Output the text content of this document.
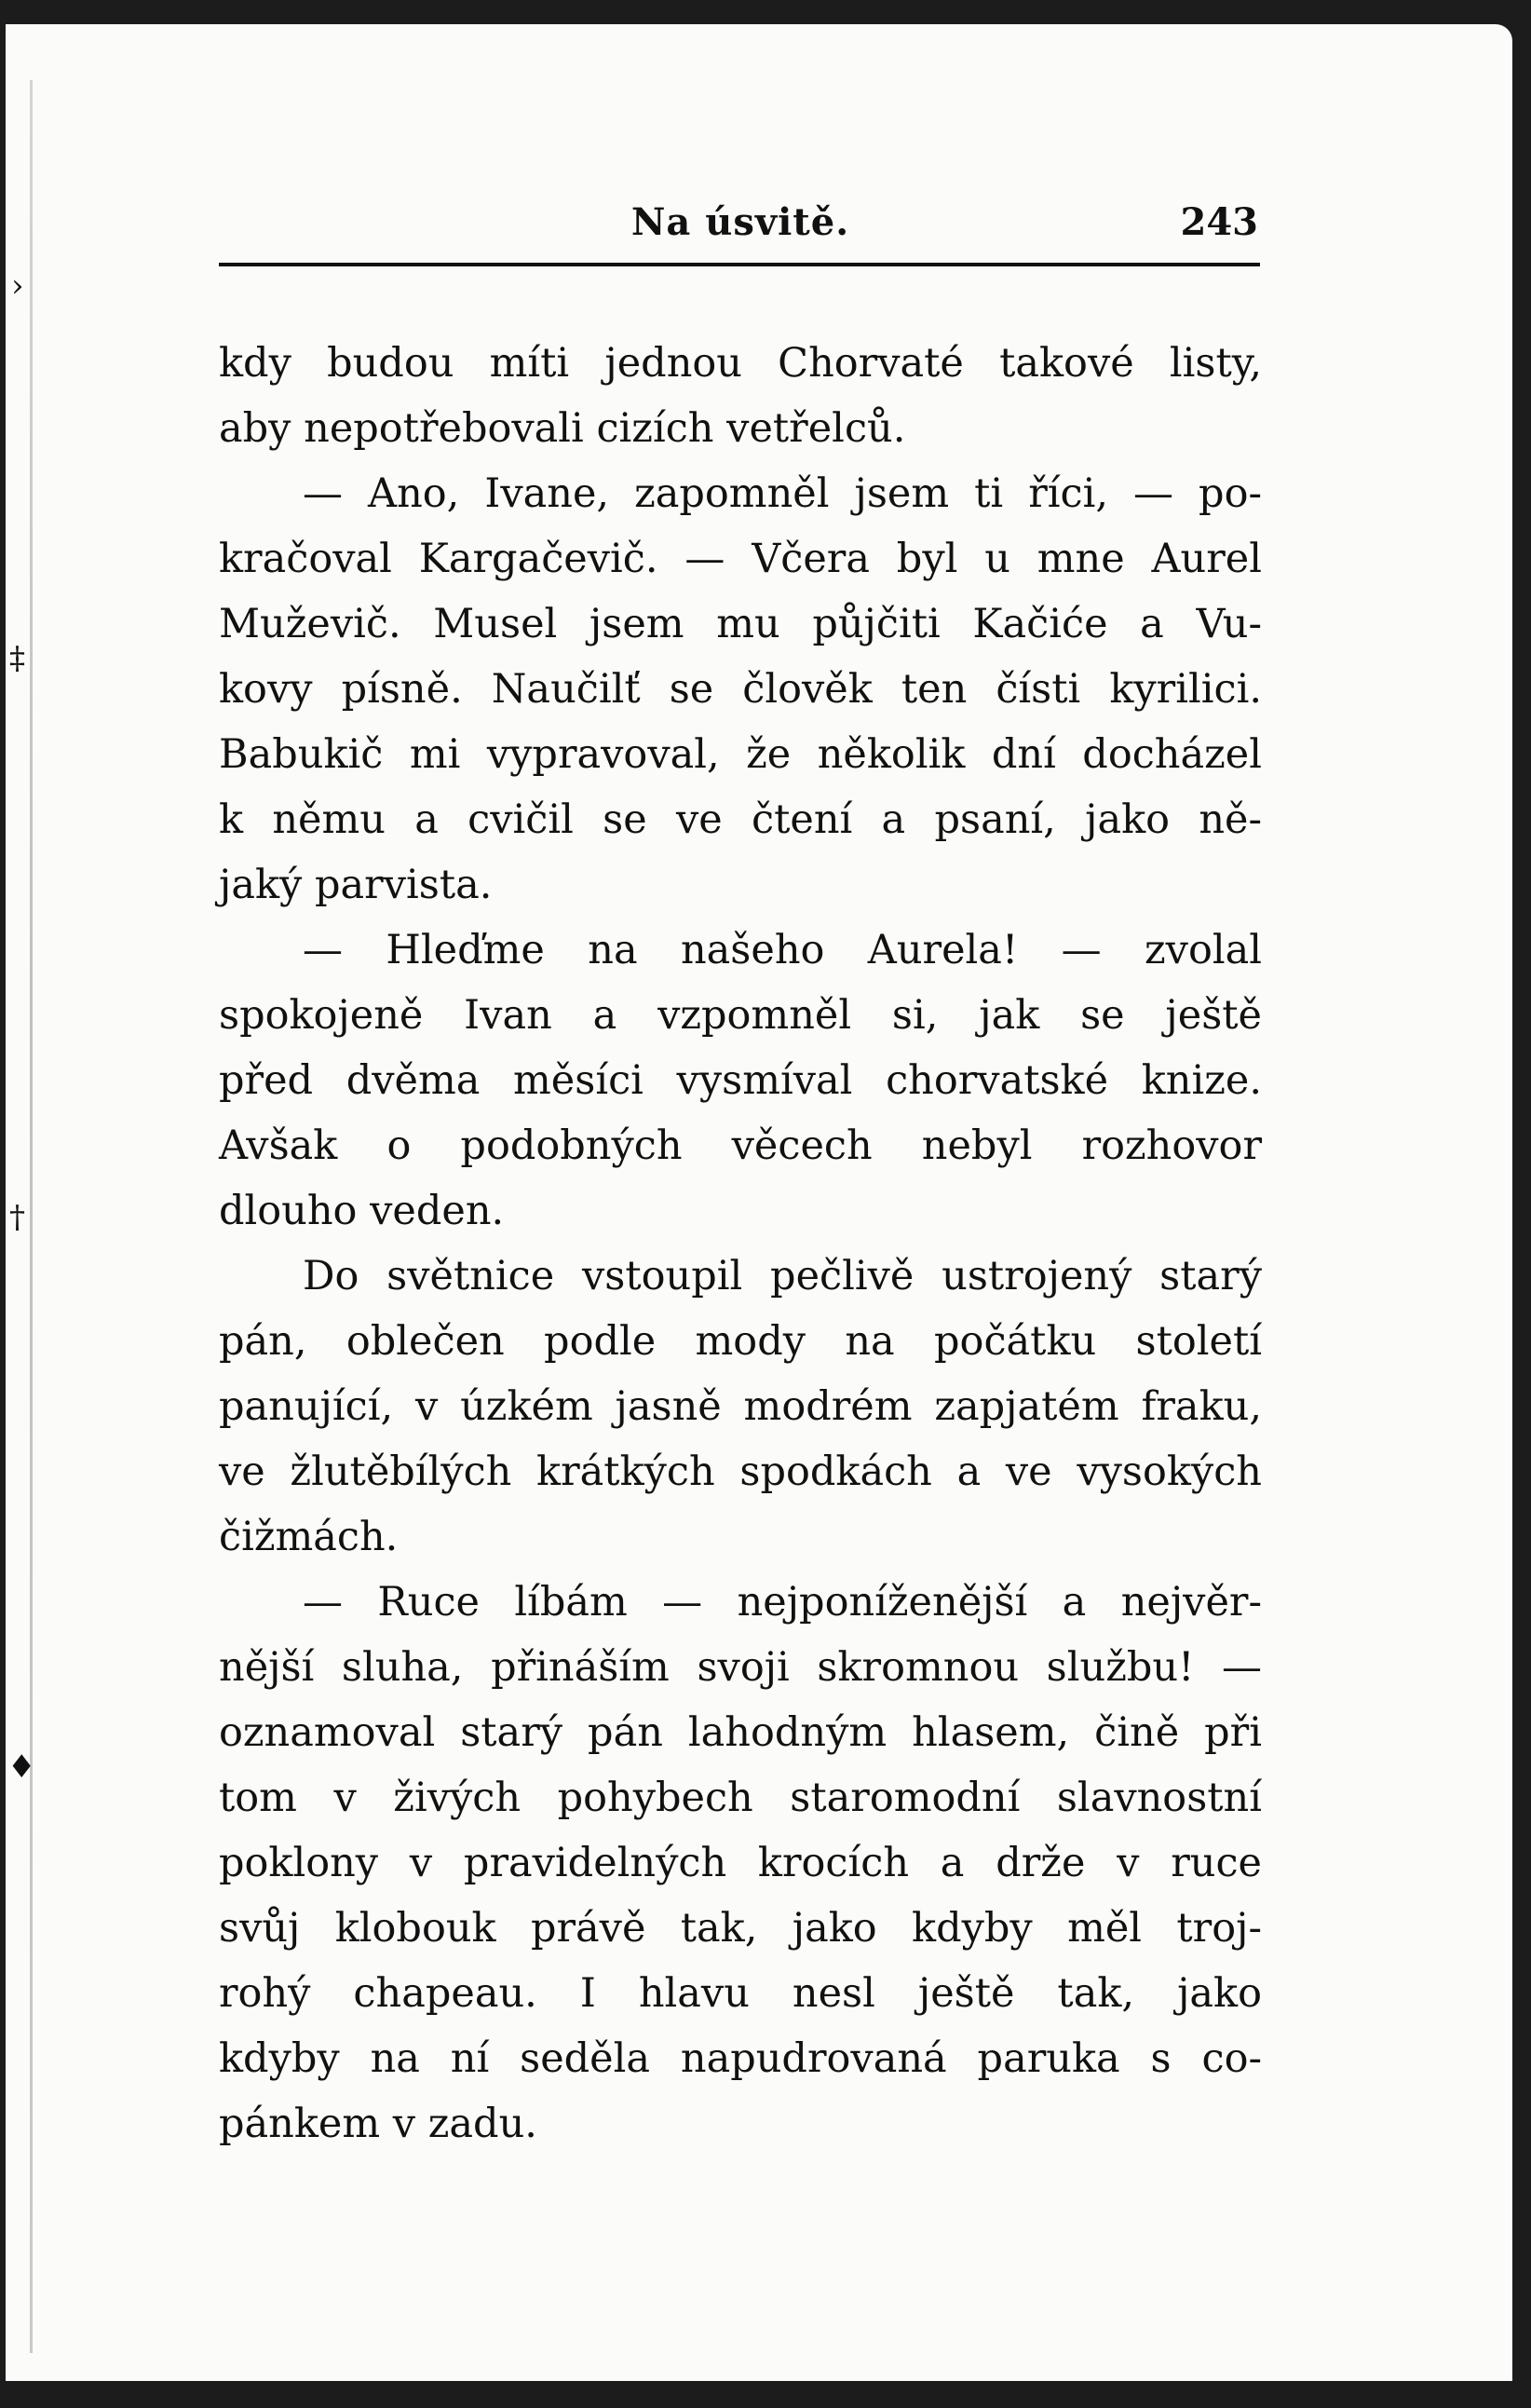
›
‡
†
♦
Na úsvitě.	243
kdy budou míti jednou Chorvaté takové listy,
aby nepotřebovali cizích vetřelců.
— Ano, Ivane, zapomněl jsem ti říci, — po-
kračoval Kargačevič. — Včera byl u mne Aurel
Muževič. Musel jsem mu půjčiti Kačiće a Vu-
kovy písně. Naučilť se člověk ten čísti kyrilici.
Babukič mi vypravoval, že několik dní docházel
k němu a cvičil se ve čtení a psaní, jako ně-
jaký parvista.
— Hleďme na našeho Aurela! — zvolal
spokojeně Ivan a vzpomněl si, jak se ještě
před dvěma měsíci vysmíval chorvatské knize.
Avšak o podobných věcech nebyl rozhovor
dlouho veden.
Do světnice vstoupil pečlivě ustrojený starý
pán, oblečen podle mody na počátku století
panující, v úzkém jasně modrém zapjatém fraku,
ve žlutěbílých krátkých spodkách a ve vysokých
čižmách.
— Ruce líbám — nejponíženější a nejvěr-
nější sluha, přináším svoji skromnou službu! —
oznamoval starý pán lahodným hlasem, čině při
tom v živých pohybech staromodní slavnostní
poklony v pravidelných krocích a drže v ruce
svůj klobouk právě tak, jako kdyby měl troj-
rohý chapeau. I hlavu nesl ještě tak, jako
kdyby na ní seděla napudrovaná paruka s co-
pánkem v zadu.
